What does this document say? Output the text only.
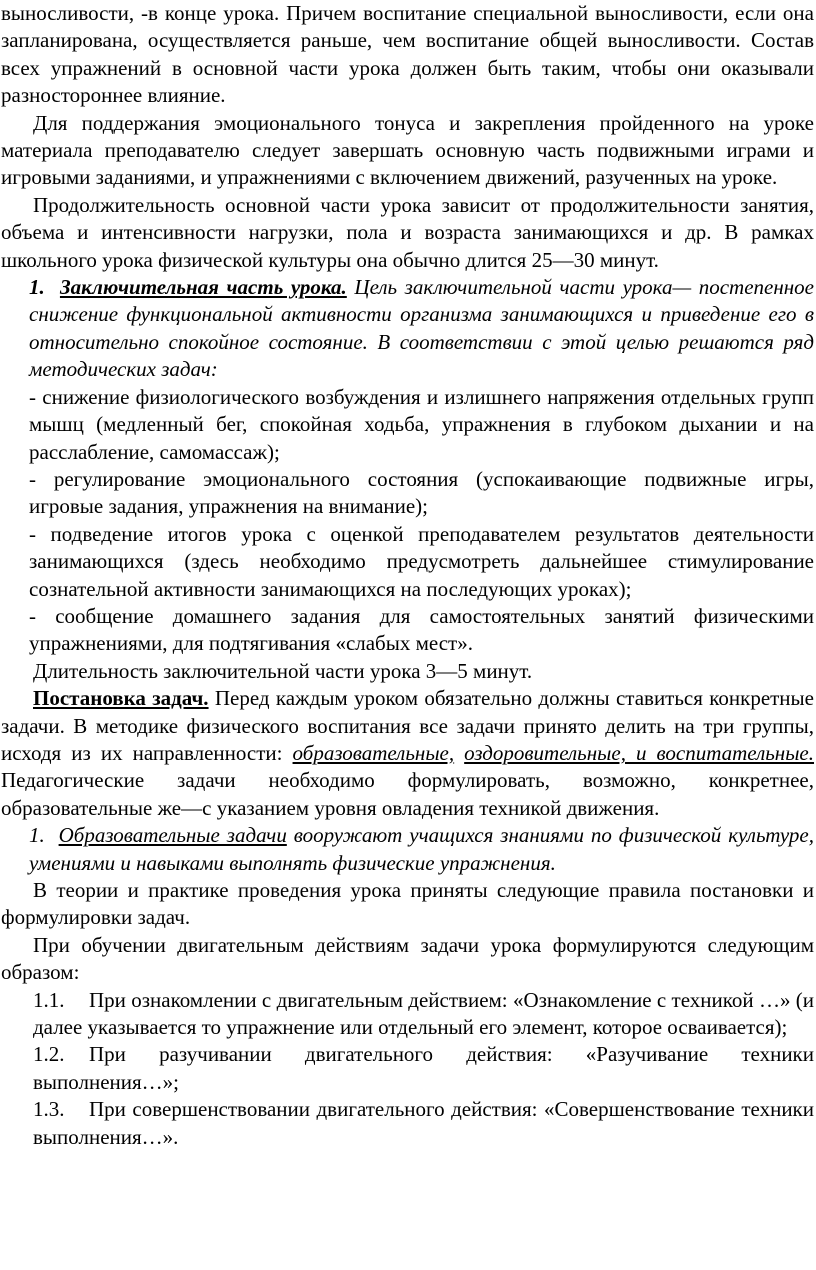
выносливости, -в конце урока. Причем воспитание специальной выносливости, если она запланирована, осуществляется раньше, чем воспитание общей выносливости. Состав всех упражнений в основной части урока должен быть таким, чтобы они оказывали разностороннее влияние.

Для поддержания эмоционального тонуса и закрепления пройденного на уроке материала преподавателю следует завершать основную часть подвижными играми и игровыми заданиями, и упражнениями с включением движений, разученных на уроке.

Продолжительность основной части урока зависит от продолжительности занятия, объема и интенсивности нагрузки, пола и возраста занимающихся и др. В рамках школьного урока физической культуры она обычно длится 25—30 минут.

1. Заключительная часть урока. Цель заключительной части урока— постепенное снижение функциональной активности организма занимающихся и приведение его в относительно спокойное состояние. В соответствии с этой целью решаются ряд методических задач:

- снижение физиологического возбуждения и излишнего напряжения отдельных групп мышц (медленный бег, спокойная ходьба, упражнения в глубоком дыхании и на расслабление, самомассаж);

- регулирование эмоционального состояния (успокаивающие подвижные игры, игровые задания, упражнения на внимание);

- подведение итогов урока с оценкой преподавателем результатов деятельности занимающихся (здесь необходимо предусмотреть дальнейшее стимулирование сознательной активности занимающихся на последующих уроках);

- сообщение домашнего задания для самостоятельных занятий физическими упражнениями, для подтягивания «слабых мест».

Длительность заключительной части урока 3—5 минут.

Постановка задач. Перед каждым уроком обязательно должны ставиться конкретные задачи. В методике физического воспитания все задачи принято делить на три группы, исходя из их направленности: образовательные, оздоровительные, и воспитательные. Педагогические задачи необходимо формулировать, возможно, конкретнее, образовательные же—с указанием уровня овладения техникой движения.

1. Образовательные задачи вооружают учащихся знаниями по физической культуре, умениями и навыками выполнять физические упражнения.

В теории и практике проведения урока приняты следующие правила постановки и формулировки задач.

При обучении двигательным действиям задачи урока формулируются следующим образом:

1.1. При ознакомлении с двигательным действием: «Ознакомление с техникой …» (и далее указывается то упражнение или отдельный его элемент, которое осваивается);

1.2. При разучивании двигательного действия: «Разучивание техники выполнения…»;

1.3. При совершенствовании двигательного действия: «Совершенствование техники выполнения…».
